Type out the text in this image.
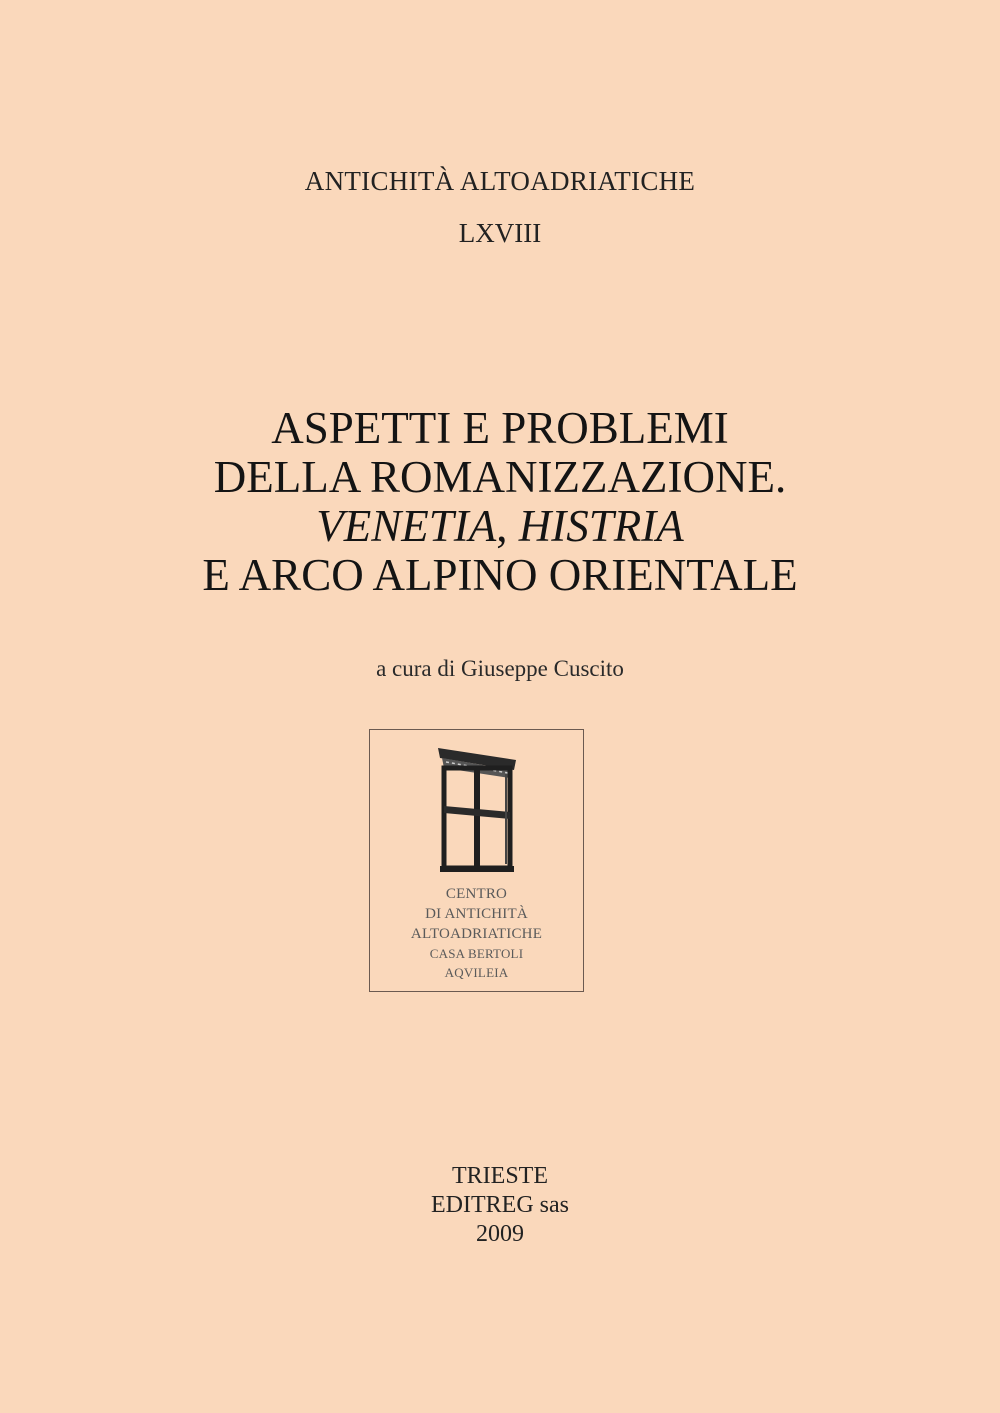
ANTICHITÀ ALTOADRIATICHE
LXVIII
ASPETTI E PROBLEMI
DELLA ROMANIZZAZIONE.
VENETIA, HISTRIA
E ARCO ALPINO ORIENTALE
a cura di Giuseppe Cuscito
CENTRO
DI ANTICHITÀ
ALTOADRIATICHE
CASA BERTOLI
AQVILEIA
TRIESTE
EDITREG sas
2009
